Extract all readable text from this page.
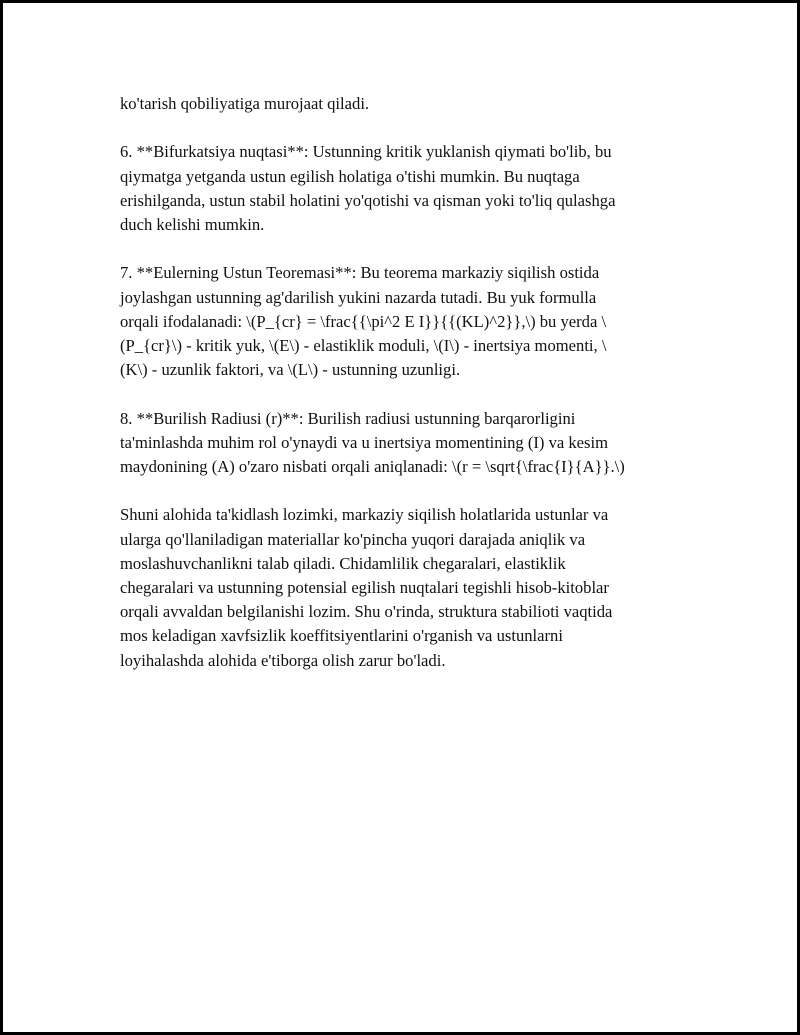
ko'tarish qobiliyatiga murojaat qiladi.

6. **Bifurkatsiya nuqtasi**: Ustunning kritik yuklanish qiymati bo'lib, bu
qiymatga yetganda ustun egilish holatiga o'tishi mumkin. Bu nuqtaga
erishilganda, ustun stabil holatini yo'qotishi va qisman yoki to'liq qulashga
duch kelishi mumkin.

7. **Eulerning Ustun Teoremasi**: Bu teorema markaziy siqilish ostida
joylashgan ustunning ag'darilish yukini nazarda tutadi. Bu yuk formulla
orqali ifodalanadi: \(P_{cr} = \frac{{\pi^2 E I}}{{(KL)^2}},\) bu yerda \
(P_{cr}\) - kritik yuk, \(E\) - elastiklik moduli, \(I\) - inertsiya momenti, \
(K\) - uzunlik faktori, va \(L\) - ustunning uzunligi.

8. **Burilish Radiusi (r)**: Burilish radiusi ustunning barqarorligini
ta'minlashda muhim rol o'ynaydi va u inertsiya momentining (I) va kesim
maydonining (A) o'zaro nisbati orqali aniqlanadi: \(r = \sqrt{\frac{I}{A}}.\)

Shuni alohida ta'kidlash lozimki, markaziy siqilish holatlarida ustunlar va
ularga qo'llaniladigan materiallar ko'pincha yuqori darajada aniqlik va
moslashuvchanlikni talab qiladi. Chidamlilik chegaralari, elastiklik
chegaralari va ustunning potensial egilish nuqtalari tegishli hisob-kitoblar
orqali avvaldan belgilanishi lozim. Shu o'rinda, struktura stabilioti vaqtida
mos keladigan xavfsizlik koeffitsiyentlarini o'rganish va ustunlarni
loyihalashda alohida e'tiborga olish zarur bo'ladi.
